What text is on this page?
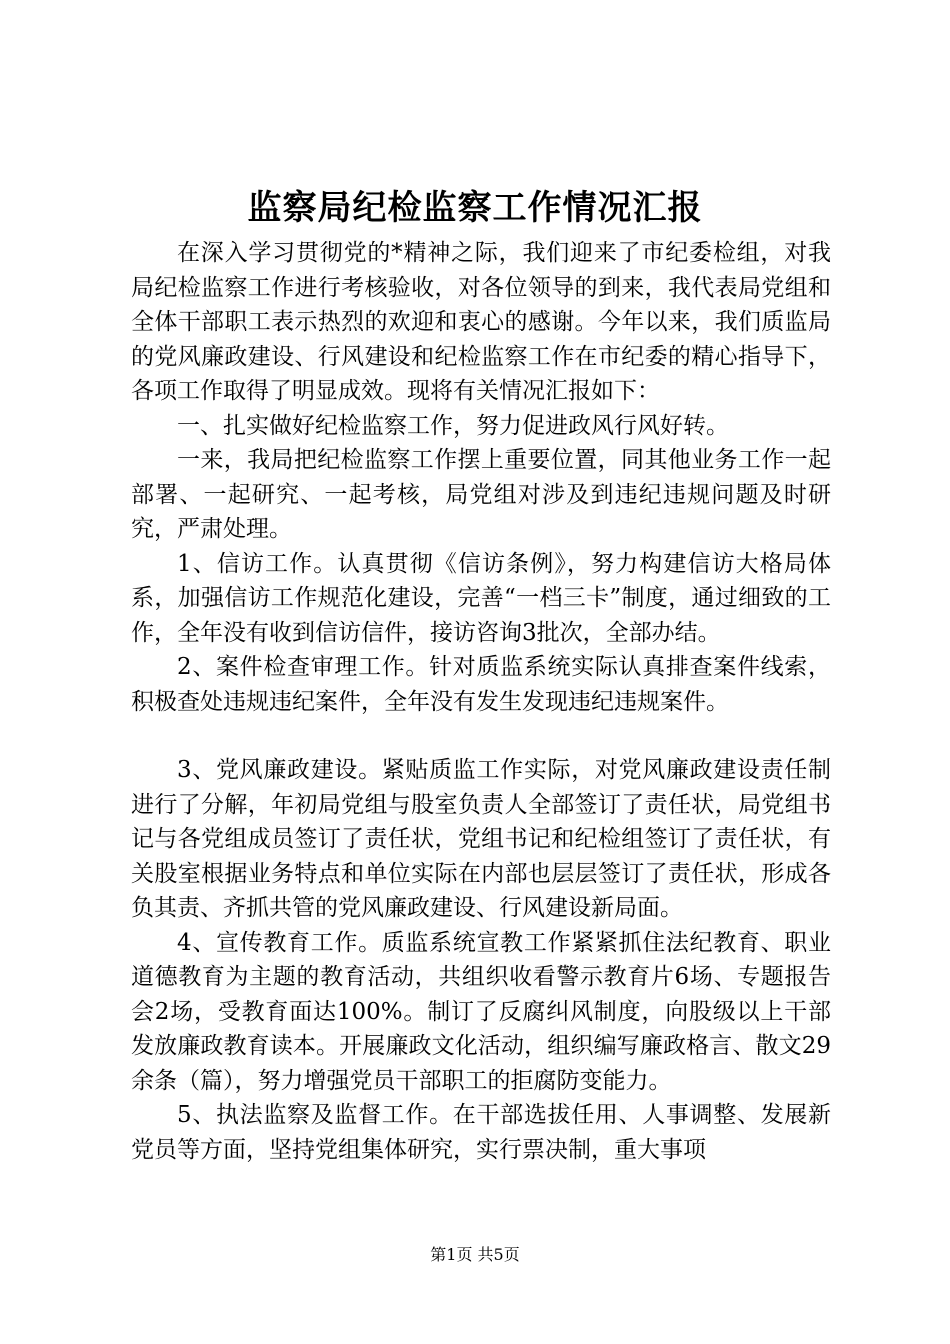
监察局纪检监察工作情况汇报

在深入学习贯彻党的*精神之际，我们迎来了市纪委检组，对我局纪检监察工作进行考核验收，对各位领导的到来，我代表局党组和全体干部职工表示热烈的欢迎和衷心的感谢。今年以来，我们质监局的党风廉政建设、行风建设和纪检监察工作在市纪委的精心指导下，各项工作取得了明显成效。现将有关情况汇报如下：

一、扎实做好纪检监察工作，努力促进政风行风好转。

一来，我局把纪检监察工作摆上重要位置，同其他业务工作一起部署、一起研究、一起考核，局党组对涉及到违纪违规问题及时研究，严肃处理。

1、信访工作。认真贯彻《信访条例》，努力构建信访大格局体系，加强信访工作规范化建设，完善“一档三卡”制度，通过细致的工作，全年没有收到信访信件，接访咨询3批次，全部办结。

2、案件检查审理工作。针对质监系统实际认真排查案件线索，积极查处违规违纪案件，全年没有发生发现违纪违规案件。

3、党风廉政建设。紧贴质监工作实际，对党风廉政建设责任制进行了分解，年初局党组与股室负责人全部签订了责任状，局党组书记与各党组成员签订了责任状，党组书记和纪检组签订了责任状，有关股室根据业务特点和单位实际在内部也层层签订了责任状，形成各负其责、齐抓共管的党风廉政建设、行风建设新局面。

4、宣传教育工作。质监系统宣教工作紧紧抓住法纪教育、职业道德教育为主题的教育活动，共组织收看警示教育片6场、专题报告会2场，受教育面达100%。制订了反腐纠风制度，向股级以上干部发放廉政教育读本。开展廉政文化活动，组织编写廉政格言、散文29余条（篇），努力增强党员干部职工的拒腐防变能力。

5、执法监察及监督工作。在干部选拔任用、人事调整、发展新党员等方面，坚持党组集体研究，实行票决制，重大事项

第1页 共5页
